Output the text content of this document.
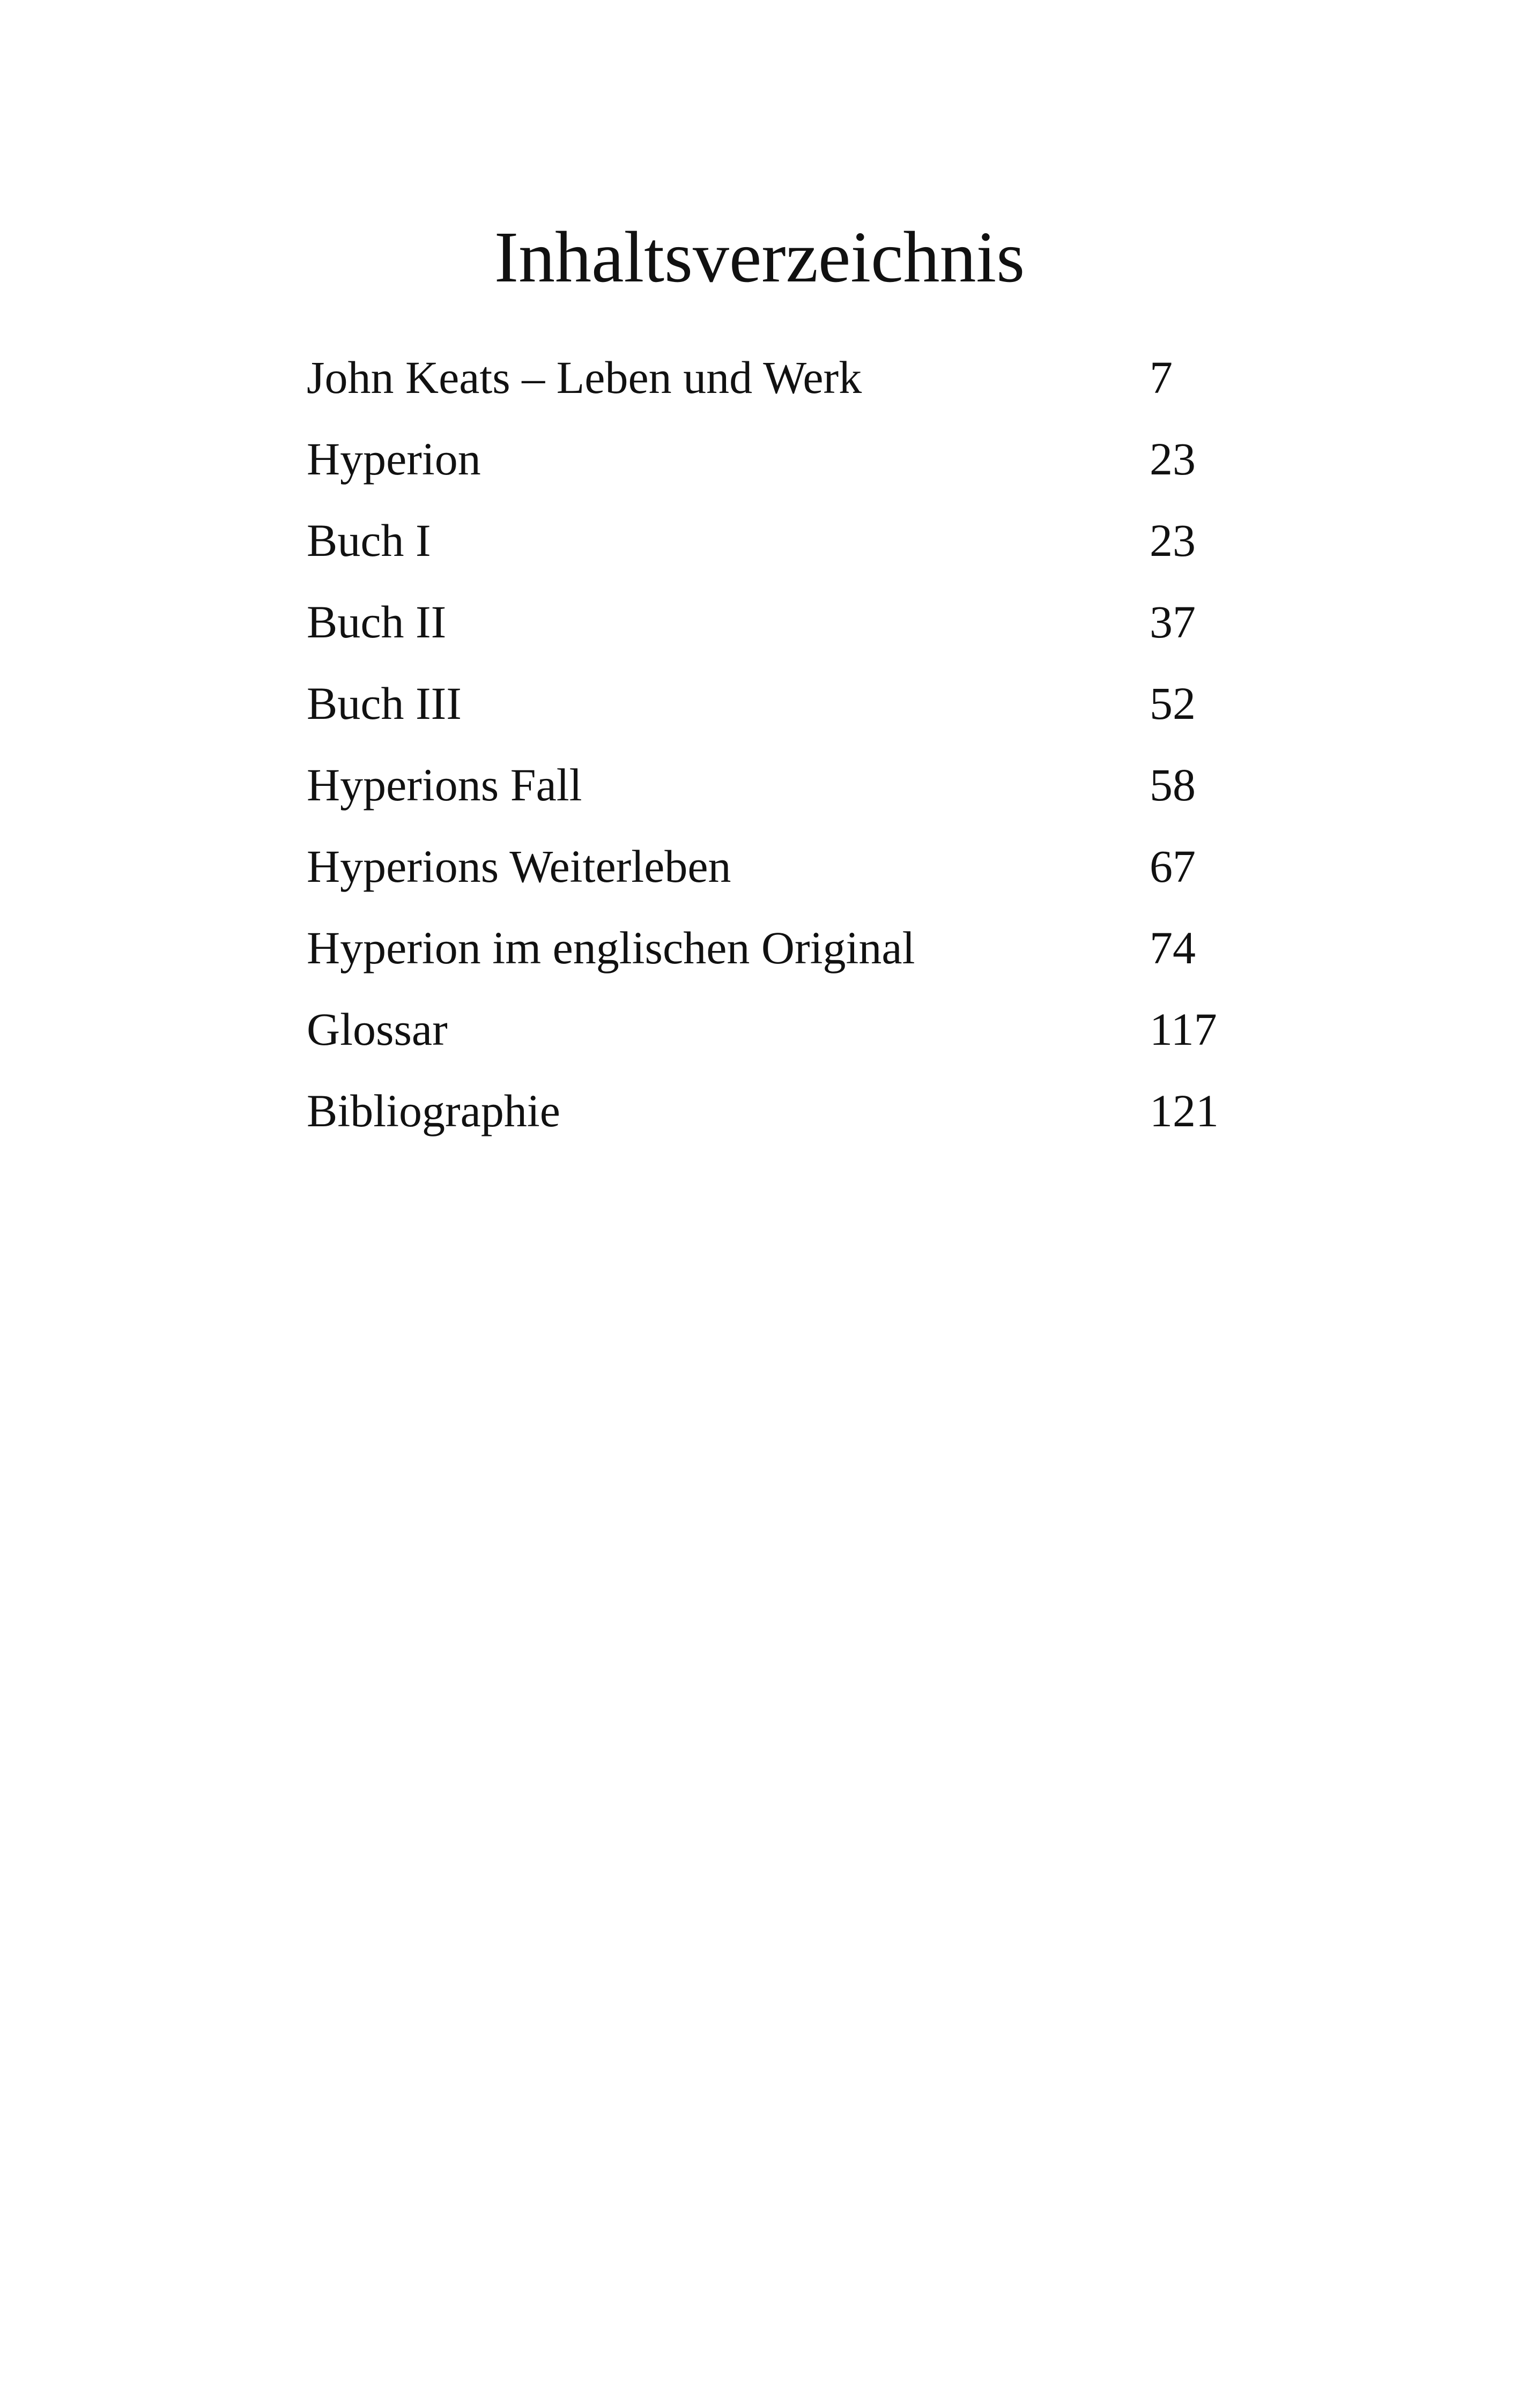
Inhaltsverzeichnis
John Keats – Leben und Werk	7
Hyperion	23
Buch I	23
Buch II	37
Buch III	52
Hyperions Fall	58
Hyperions Weiterleben	67
Hyperion im englischen Original	74
Glossar	117
Bibliographie	121
